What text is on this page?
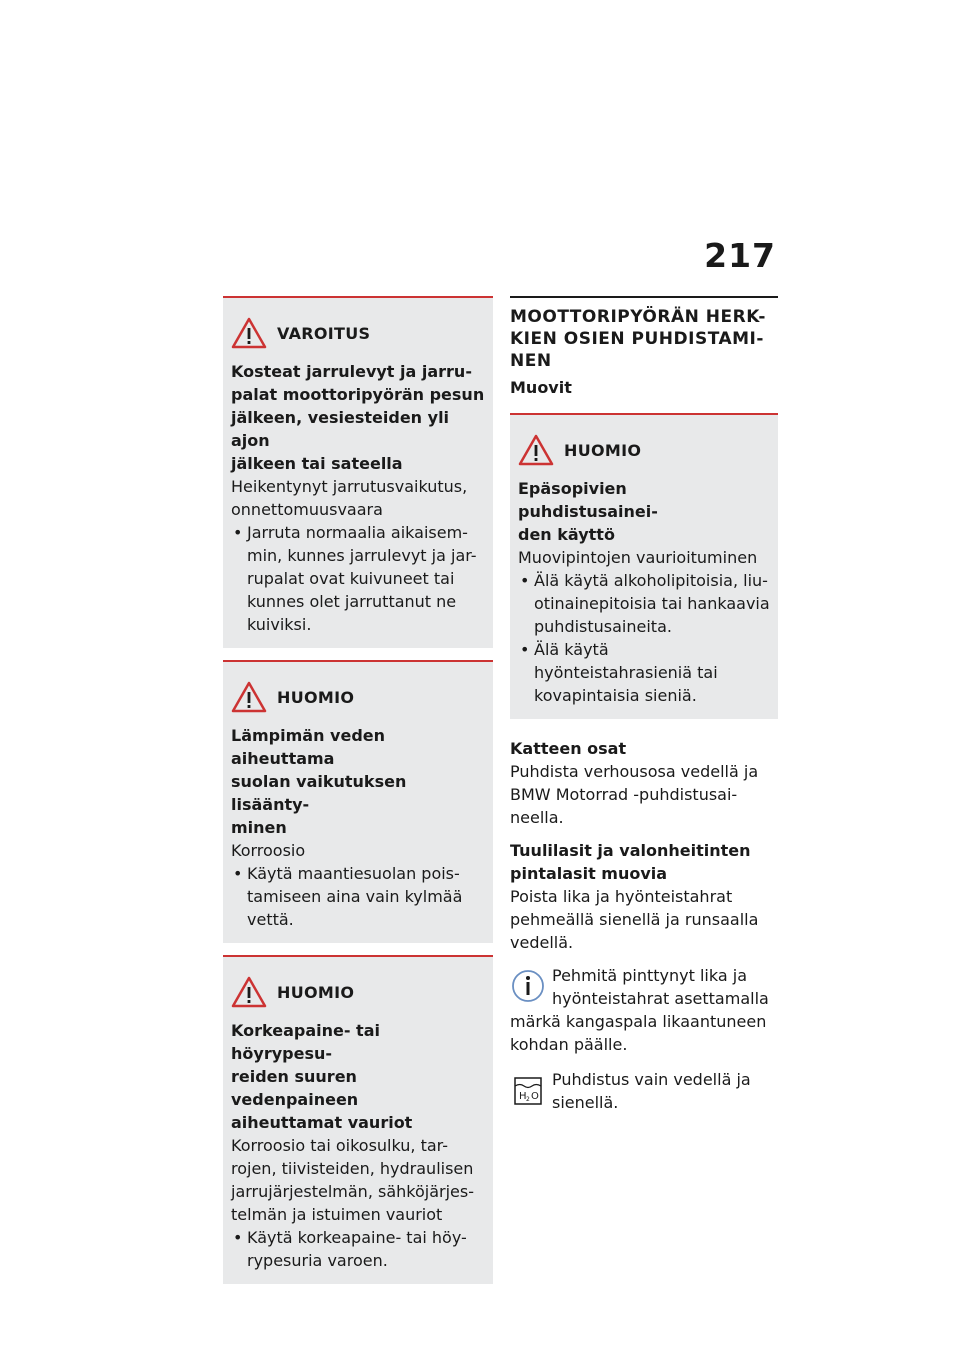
217
VAROITUS
Kosteat jarrulevyt ja jarru-
palat moottoripyörän pesun
jälkeen, vesiesteiden yli ajon
jälkeen tai sateella
Heikentynyt jarrutusvaikutus,
onnettomuusvaara
• Jarruta normaalia aikaisem-min, kunnes jarrulevyt ja jar-rupalat ovat kuivuneet tai kunnes olet jarruttanut ne kuiviksi.
HUOMIO
Lämpimän veden aiheuttama
suolan vaikutuksen lisäänty-
minen
Korroosio
• Käytä maantiesuolan pois-tamiseen aina vain kylmää vettä.
HUOMIO
Korkeapaine- tai höyrypesu-
reiden suuren vedenpaineen
aiheuttamat vauriot
Korroosio tai oikosulku, tar-
rojen, tiivisteiden, hydraulisen
jarrujärjestelmän, sähköjärjes-
telmän ja istuimen vauriot
• Käytä korkeapaine- tai höy-rypesuria varoen.
MOOTTORIPYÖRÄN HERK-
KIEN OSIEN PUHDISTAMI-
NEN
Muovit
HUOMIO
Epäsopivien puhdistusainei-
den käyttö
Muovipintojen vaurioituminen
• Älä käytä alkoholipitoisia, liu-otinainepitoisia tai hankaavia puhdistusaineita.
• Älä käytä hyönteistahrasieniä tai kovapintaisia sieniä.
Katteen osat
Puhdista verhousosa vedellä ja BMW Motorrad -puhdistusai-neella.
Tuulilasit ja valonheitinten
pintalasit muovia
Poista lika ja hyönteistahrat pehmeällä sienellä ja runsaalla vedellä.
Pehmitä pinttynyt lika ja hyönteistahrat asettamalla märkä kangaspala likaantuneen kohdan päälle.
H 2 O
Puhdistus vain vedellä ja sienellä.
